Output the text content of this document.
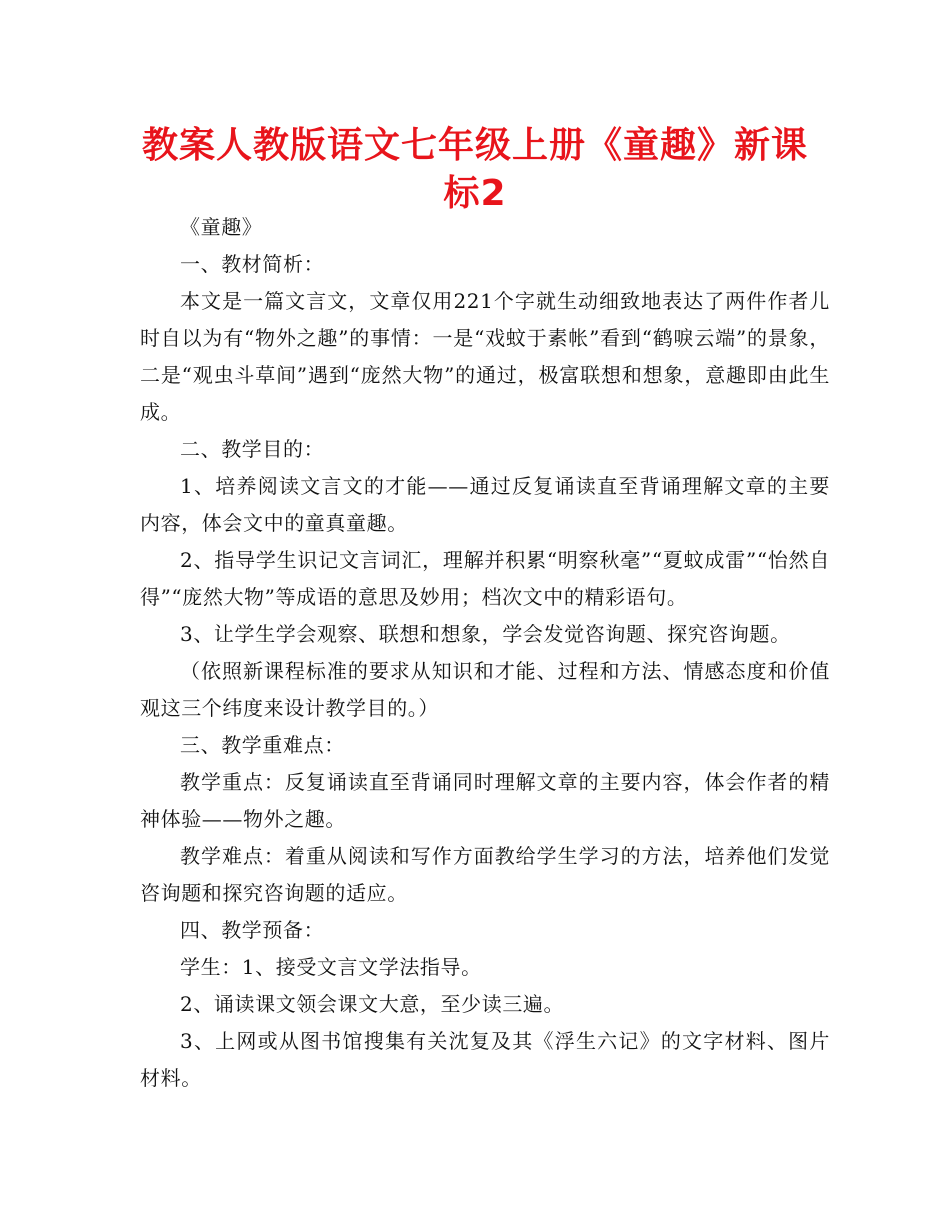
教案人教版语文七年级上册《童趣》新课
标2

《童趣》

一、教材简析：

本文是一篇文言文，文章仅用221个字就生动细致地表达了两件作者儿时自以为有“物外之趣”的事情：一是“戏蚊于素帐”看到“鹤唳云端”的景象，二是“观虫斗草间”遇到“庞然大物”的通过，极富联想和想象，意趣即由此生成。

二、教学目的：

1、培养阅读文言文的才能——通过反复诵读直至背诵理解文章的主要内容，体会文中的童真童趣。

2、指导学生识记文言词汇，理解并积累“明察秋毫”“夏蚊成雷”“怡然自得”“庞然大物”等成语的意思及妙用；档次文中的精彩语句。

3、让学生学会观察、联想和想象，学会发觉咨询题、探究咨询题。

（依照新课程标准的要求从知识和才能、过程和方法、情感态度和价值观这三个纬度来设计教学目的。）

三、教学重难点：

教学重点：反复诵读直至背诵同时理解文章的主要内容，体会作者的精神体验——物外之趣。

教学难点：着重从阅读和写作方面教给学生学习的方法，培养他们发觉咨询题和探究咨询题的适应。

四、教学预备：

学生：1、接受文言文学法指导。

2、诵读课文领会课文大意，至少读三遍。

3、上网或从图书馆搜集有关沈复及其《浮生六记》的文字材料、图片材料。
